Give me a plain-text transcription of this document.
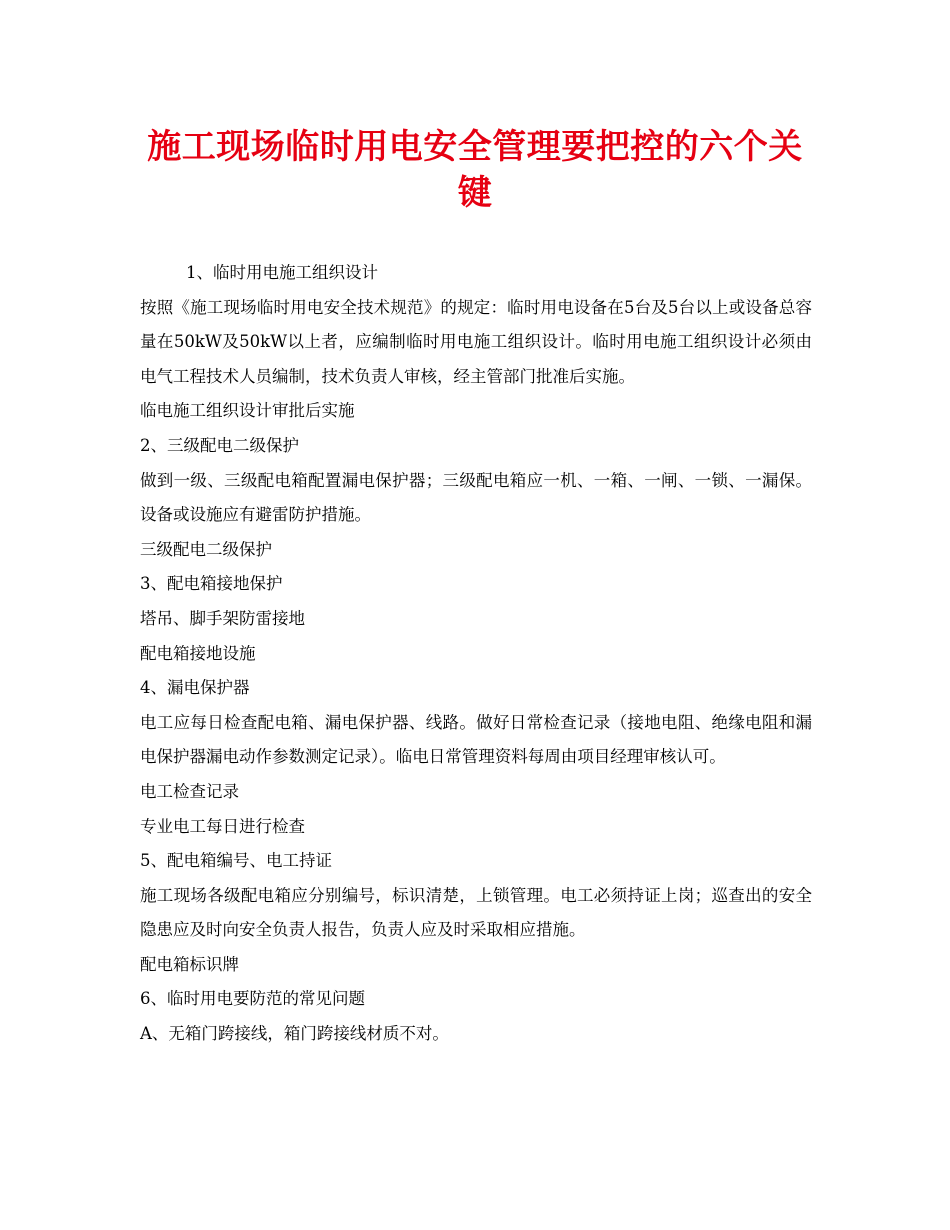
施工现场临时用电安全管理要把控的六个关键

1、临时用电施工组织设计

按照《施工现场临时用电安全技术规范》的规定：临时用电设备在5台及5台以上或设备总容量在50kW及50kW以上者，应编制临时用电施工组织设计。临时用电施工组织设计必须由电气工程技术人员编制，技术负责人审核，经主管部门批准后实施。

临电施工组织设计审批后实施

2、三级配电二级保护

做到一级、三级配电箱配置漏电保护器；三级配电箱应一机、一箱、一闸、一锁、一漏保。设备或设施应有避雷防护措施。

三级配电二级保护

3、配电箱接地保护

塔吊、脚手架防雷接地

配电箱接地设施

4、漏电保护器

电工应每日检查配电箱、漏电保护器、线路。做好日常检查记录（接地电阻、绝缘电阻和漏电保护器漏电动作参数测定记录）。临电日常管理资料每周由项目经理审核认可。

电工检查记录

专业电工每日进行检查

5、配电箱编号、电工持证

施工现场各级配电箱应分别编号，标识清楚，上锁管理。电工必须持证上岗；巡查出的安全隐患应及时向安全负责人报告，负责人应及时采取相应措施。

配电箱标识牌

6、临时用电要防范的常见问题

A、无箱门跨接线，箱门跨接线材质不对。
